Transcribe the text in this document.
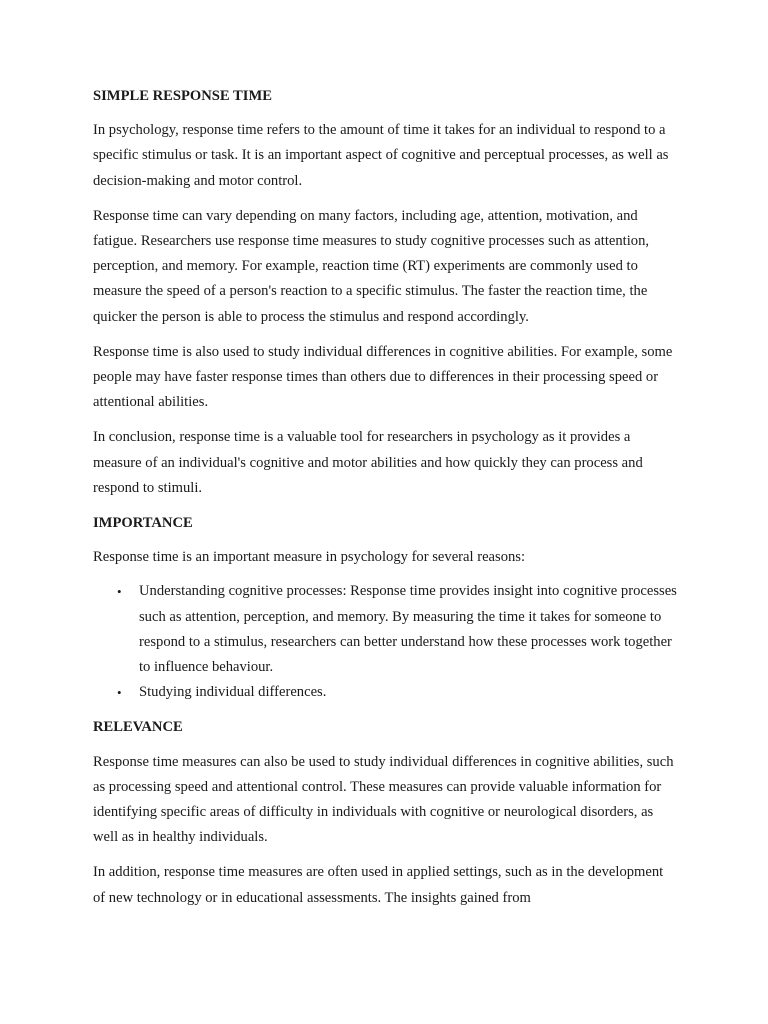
SIMPLE RESPONSE TIME

In psychology, response time refers to the amount of time it takes for an individual to respond to a specific stimulus or task. It is an important aspect of cognitive and perceptual processes, as well as decision-making and motor control.

Response time can vary depending on many factors, including age, attention, motivation, and fatigue. Researchers use response time measures to study cognitive processes such as attention, perception, and memory. For example, reaction time (RT) experiments are commonly used to measure the speed of a person's reaction to a specific stimulus. The faster the reaction time, the quicker the person is able to process the stimulus and respond accordingly.

Response time is also used to study individual differences in cognitive abilities. For example, some people may have faster response times than others due to differences in their processing speed or attentional abilities.

In conclusion, response time is a valuable tool for researchers in psychology as it provides a measure of an individual's cognitive and motor abilities and how quickly they can process and respond to stimuli.

IMPORTANCE

Response time is an important measure in psychology for several reasons:

• Understanding cognitive processes: Response time provides insight into cognitive processes such as attention, perception, and memory. By measuring the time it takes for someone to respond to a stimulus, researchers can better understand how these processes work together to influence behaviour.
• Studying individual differences.
RELEVANCE

Response time measures can also be used to study individual differences in cognitive abilities, such as processing speed and attentional control. These measures can provide valuable information for identifying specific areas of difficulty in individuals with cognitive or neurological disorders, as well as in healthy individuals.

In addition, response time measures are often used in applied settings, such as in the development of new technology or in educational assessments. The insights gained from
